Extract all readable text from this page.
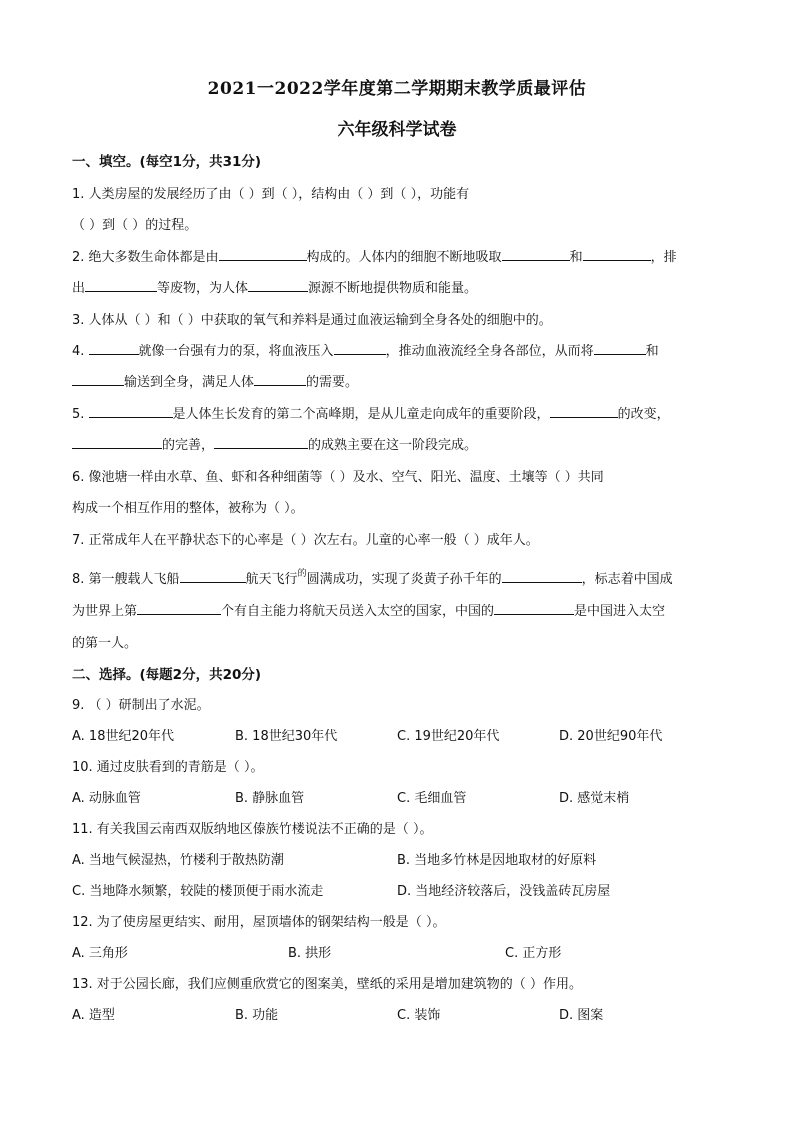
2021一2022学年度第二学期期末教学质最评估
六年级科学试卷
一、填空。(每空1分，共31分)
1. 人类房屋的发展经历了由（ ）到（ ），结构由（ ）到（ ），功能有
（ ）到（ ）的过程。
2. 绝大多数生命体都是由	构成的。人体内的细胞不断地吸取	和	，排
出	等废物，为人体	源源不断地提供物质和能量。
3. 人体从（ ）和（ ）中获取的氧气和养料是通过血液运输到全身各处的细胞中的。
4.	就像一台强有力的泵，将血液压入	，推动血液流经全身各部位，从而将	和
输送到全身，满足人体	的需要。
5.	是人体生长发育的第二个高峰期，是从儿童走向成年的重要阶段，	的改变，
的完善，	的成熟主要在这一阶段完成。
6. 像池塘一样由水草、鱼、虾和各种细菌等（ ）及水、空气、阳光、温度、土壤等（ ）共同
构成一个相互作用的整体，被称为（ ）。
7. 正常成年人在平静状态下的心率是（ ）次左右。儿童的心率一般（ ）成年人。
8. 第一艘载人飞船	航天飞行$^的$圆满成功，实现了炎黄子孙千年的	，标志着中国成
为世界上第	个有自主能力将航天员送入太空的国家，中国的	是中国进入太空
的第一人。
二、选择。(每题2分，共20分)
9. （ ）研制出了水泥。
A. 18世纪20年代	B. 18世纪30年代	C. 19世纪20年代	D. 20世纪90年代
10. 通过皮肤看到的青筋是（ ）。
A. 动脉血管	B. 静脉血管	C. 毛细血管	D. 感觉末梢
11. 有关我国云南西双版纳地区傣族竹楼说法不正确的是（ ）。
A. 当地气候湿热，竹楼利于散热防潮	B. 当地多竹林是因地取材的好原料
C. 当地降水频繁，较陡的楼顶便于雨水流走	D. 当地经济较落后，没钱盖砖瓦房屋
12. 为了使房屋更结实、耐用，屋顶墙体的钢架结构一般是（ ）。
A. 三角形	B. 拱形	C. 正方形
13. 对于公园长廊，我们应侧重欣赏它的图案美，壁纸的采用是增加建筑物的（ ）作用。
A. 造型	B. 功能	C. 装饰	D. 图案
